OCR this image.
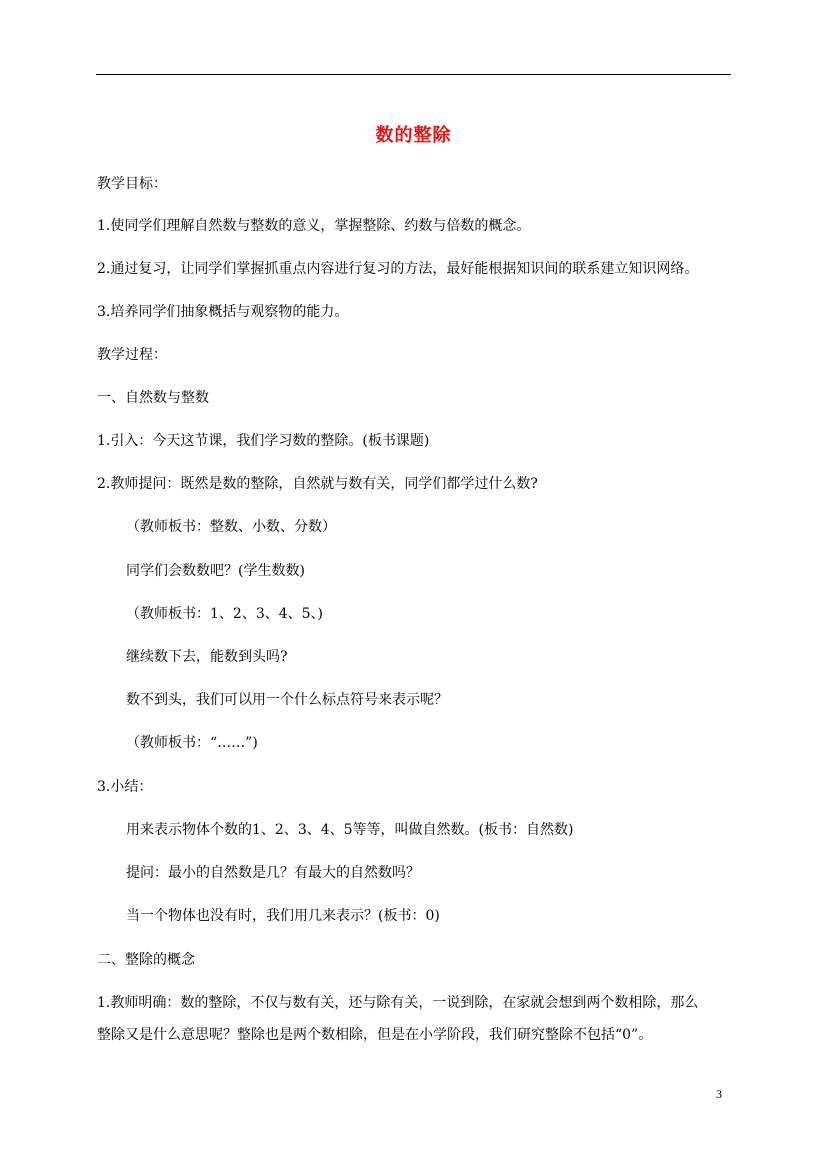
数的整除
教学目标：
1.使同学们理解自然数与整数的意义，掌握整除、约数与倍数的概念。
2.通过复习，让同学们掌握抓重点内容进行复习的方法，最好能根据知识间的联系建立知识网络。
3.培养同学们抽象概括与观察物的能力。
教学过程：
一、自然数与整数
1.引入：今天这节课，我们学习数的整除。(板书课题)
2.教师提问：既然是数的整除，自然就与数有关，同学们都学过什么数?
（教师板书：整数、小数、分数）
同学们会数数吧？(学生数数)
（教师板书：1、2、3、4、5、)
继续数下去，能数到头吗?
数不到头，我们可以用一个什么标点符号来表示呢？
（教师板书：“……”)
3.小结：
用来表示物体个数的1、2、3、4、5等等，叫做自然数。(板书：自然数)
提问：最小的自然数是几？有最大的自然数吗？
当一个物体也没有时，我们用几来表示？(板书：0)
二、整除的概念
1.教师明确：数的整除，不仅与数有关，还与除有关，一说到除，在家就会想到两个数相除，那么
整除又是什么意思呢？整除也是两个数相除，但是在小学阶段，我们研究整除不包括“0”。
3
